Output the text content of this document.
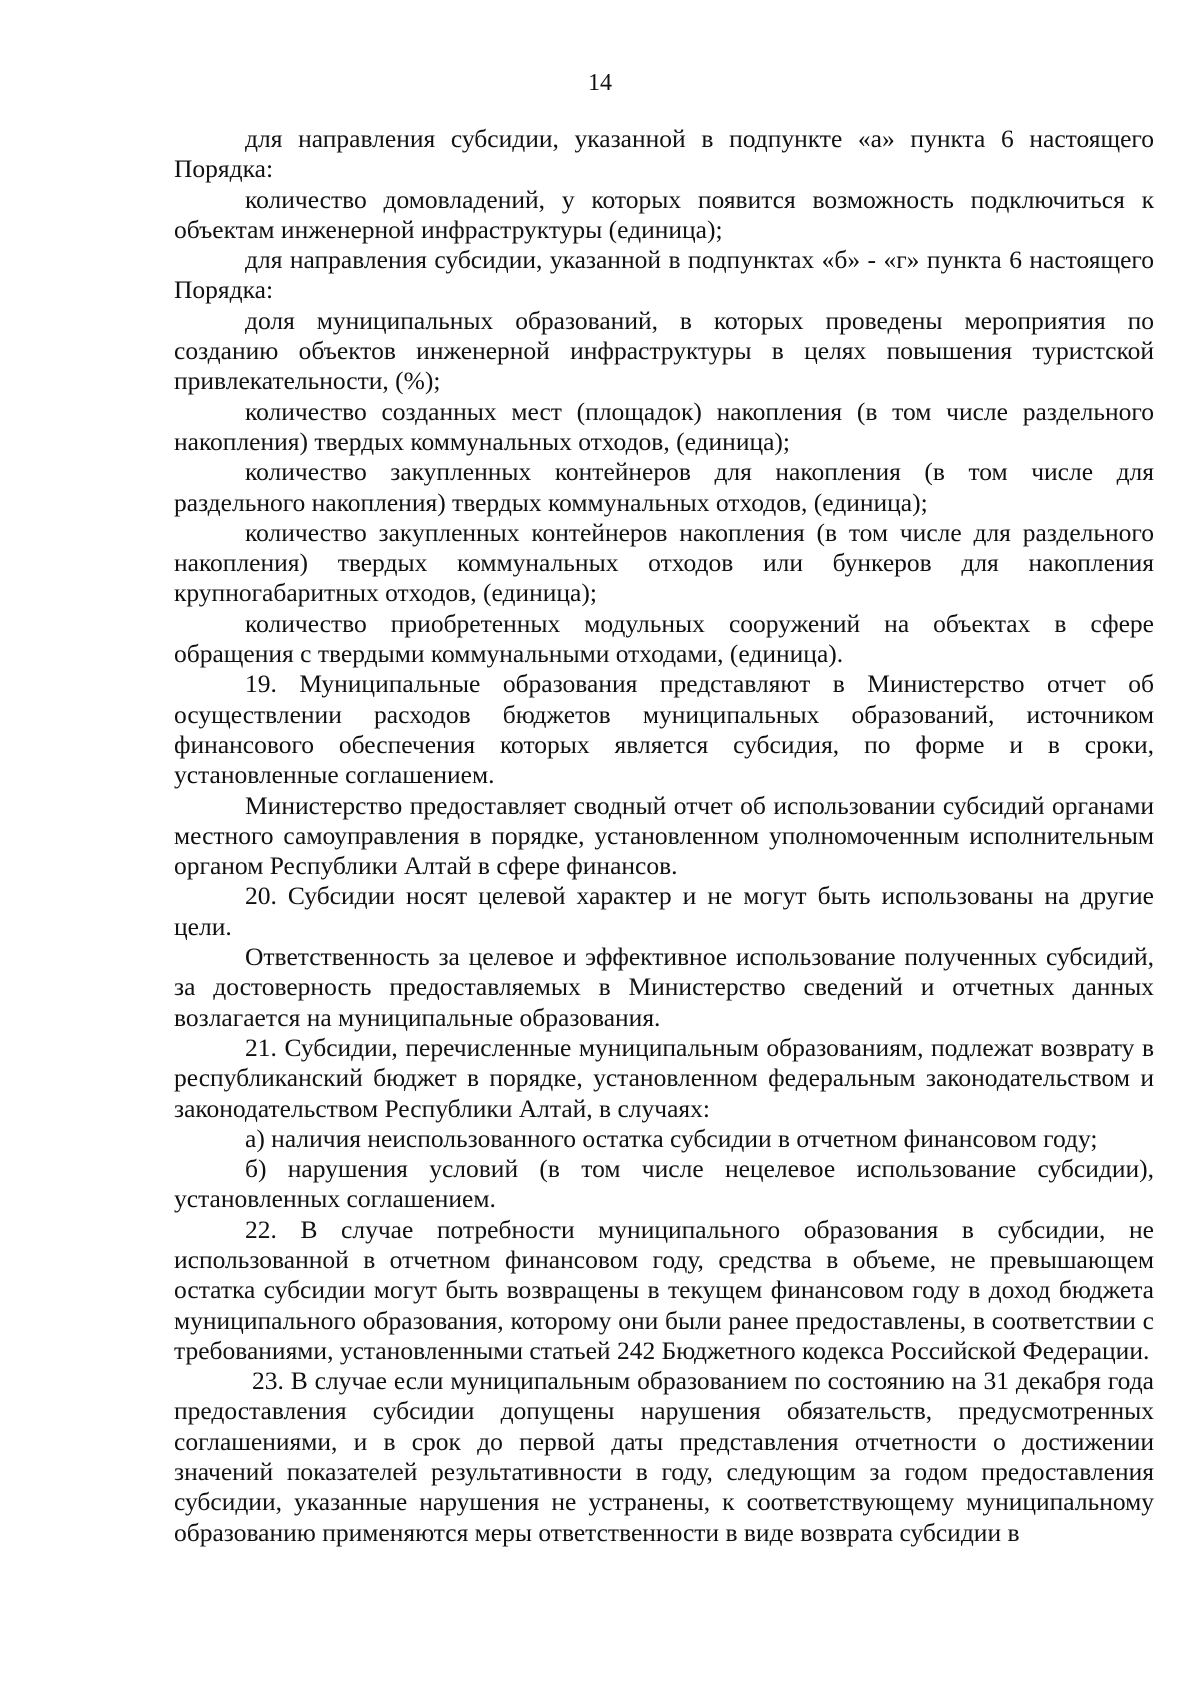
14

для направления субсидии, указанной в подпункте «а» пункта 6 настоящего Порядка:

количество домовладений, у которых появится возможность подключиться к объектам инженерной инфраструктуры (единица);

для направления субсидии, указанной в подпунктах «б» - «г» пункта 6 настоящего Порядка:

доля муниципальных образований, в которых проведены мероприятия по созданию объектов инженерной инфраструктуры в целях повышения туристской привлекательности, (%);

количество созданных мест (площадок) накопления (в том числе раздельного накопления) твердых коммунальных отходов, (единица);

количество закупленных контейнеров для накопления (в том числе для раздельного накопления) твердых коммунальных отходов, (единица);

количество закупленных контейнеров накопления (в том числе для раздельного накопления) твердых коммунальных отходов или бункеров для накопления крупногабаритных отходов, (единица);

количество приобретенных модульных сооружений на объектах в сфере обращения с твердыми коммунальными отходами, (единица).

19. Муниципальные образования представляют в Министерство отчет об осуществлении расходов бюджетов муниципальных образований, источником финансового обеспечения которых является субсидия, по форме и в сроки, установленные соглашением.

Министерство предоставляет сводный отчет об использовании субсидий органами местного самоуправления в порядке, установленном уполномоченным исполнительным органом Республики Алтай в сфере финансов.

20. Субсидии носят целевой характер и не могут быть использованы на другие цели.

Ответственность за целевое и эффективное использование полученных субсидий, за достоверность предоставляемых в Министерство сведений и отчетных данных возлагается на муниципальные образования.

21. Субсидии, перечисленные муниципальным образованиям, подлежат возврату в республиканский бюджет в порядке, установленном федеральным законодательством и законодательством Республики Алтай, в случаях:

а) наличия неиспользованного остатка субсидии в отчетном финансовом году;

б) нарушения условий (в том числе нецелевое использование субсидии), установленных соглашением.

22. В случае потребности муниципального образования в субсидии, не использованной в отчетном финансовом году, средства в объеме, не превышающем остатка субсидии могут быть возвращены в текущем финансовом году в доход бюджета муниципального образования, которому они были ранее предоставлены, в соответствии с требованиями, установленными статьей 242 Бюджетного кодекса Российской Федерации.

23. В случае если муниципальным образованием по состоянию на 31 декабря года предоставления субсидии допущены нарушения обязательств, предусмотренных соглашениями, и в срок до первой даты представления отчетности о достижении значений показателей результативности в году, следующим за годом предоставления субсидии, указанные нарушения не устранены, к соответствующему муниципальному образованию применяются меры ответственности в виде возврата субсидии в
